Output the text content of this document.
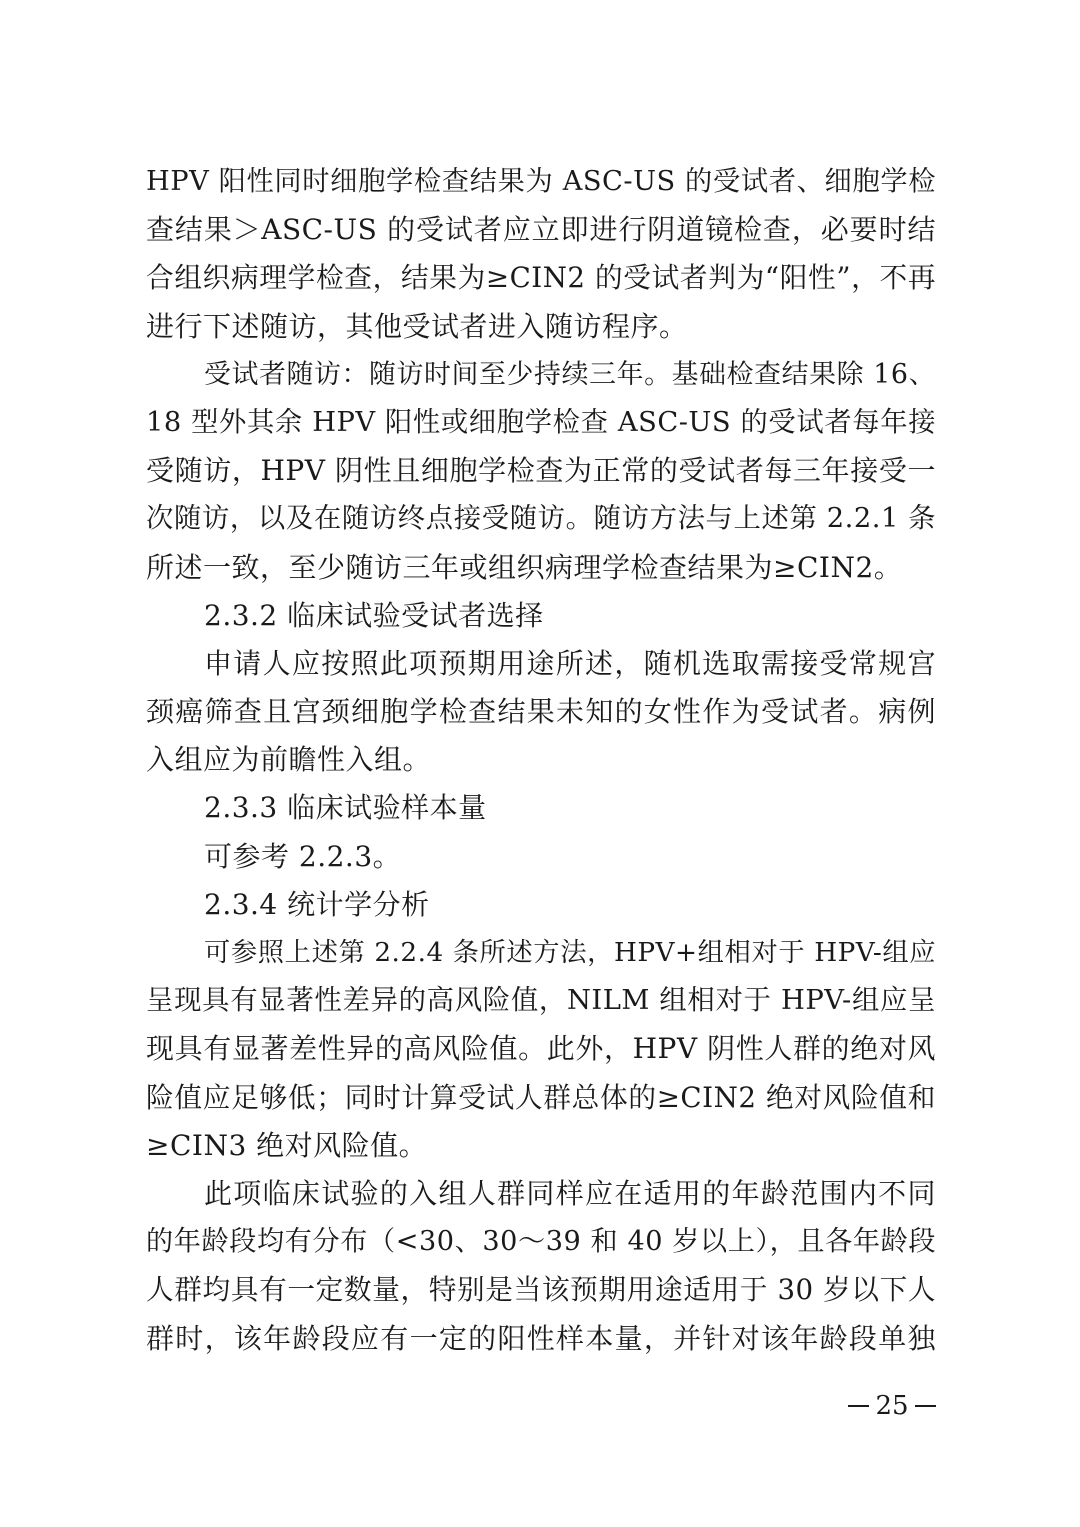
HPV 阳性同时细胞学检查结果为 ASC-US 的受试者、细胞学检
查结果＞ASC-US 的受试者应立即进行阴道镜检查，必要时结
合组织病理学检查，结果为≥CIN2 的受试者判为“阳性”，不再
进行下述随访，其他受试者进入随访程序。
受试者随访：随访时间至少持续三年。基础检查结果除 16、
18 型外其余 HPV 阳性或细胞学检查 ASC-US 的受试者每年接
受随访，HPV 阴性且细胞学检查为正常的受试者每三年接受一
次随访，以及在随访终点接受随访。随访方法与上述第 2.2.1 条
所述一致，至少随访三年或组织病理学检查结果为≥CIN2。
2.3.2 临床试验受试者选择
申请人应按照此项预期用途所述，随机选取需接受常规宫
颈癌筛查且宫颈细胞学检查结果未知的女性作为受试者。病例
入组应为前瞻性入组。
2.3.3 临床试验样本量
可参考 2.2.3。
2.3.4 统计学分析
可参照上述第 2.2.4 条所述方法，HPV+组相对于 HPV-组应
呈现具有显著性差异的高风险值，NILM 组相对于 HPV-组应呈
现具有显著差性异的高风险值。此外，HPV 阴性人群的绝对风
险值应足够低；同时计算受试人群总体的≥CIN2 绝对风险值和
≥CIN3 绝对风险值。
此项临床试验的入组人群同样应在适用的年龄范围内不同
的年龄段均有分布（<30、30～39 和 40 岁以上），且各年龄段
人群均具有一定数量，特别是当该预期用途适用于 30 岁以下人
群时，该年龄段应有一定的阳性样本量，并针对该年龄段单独
25
